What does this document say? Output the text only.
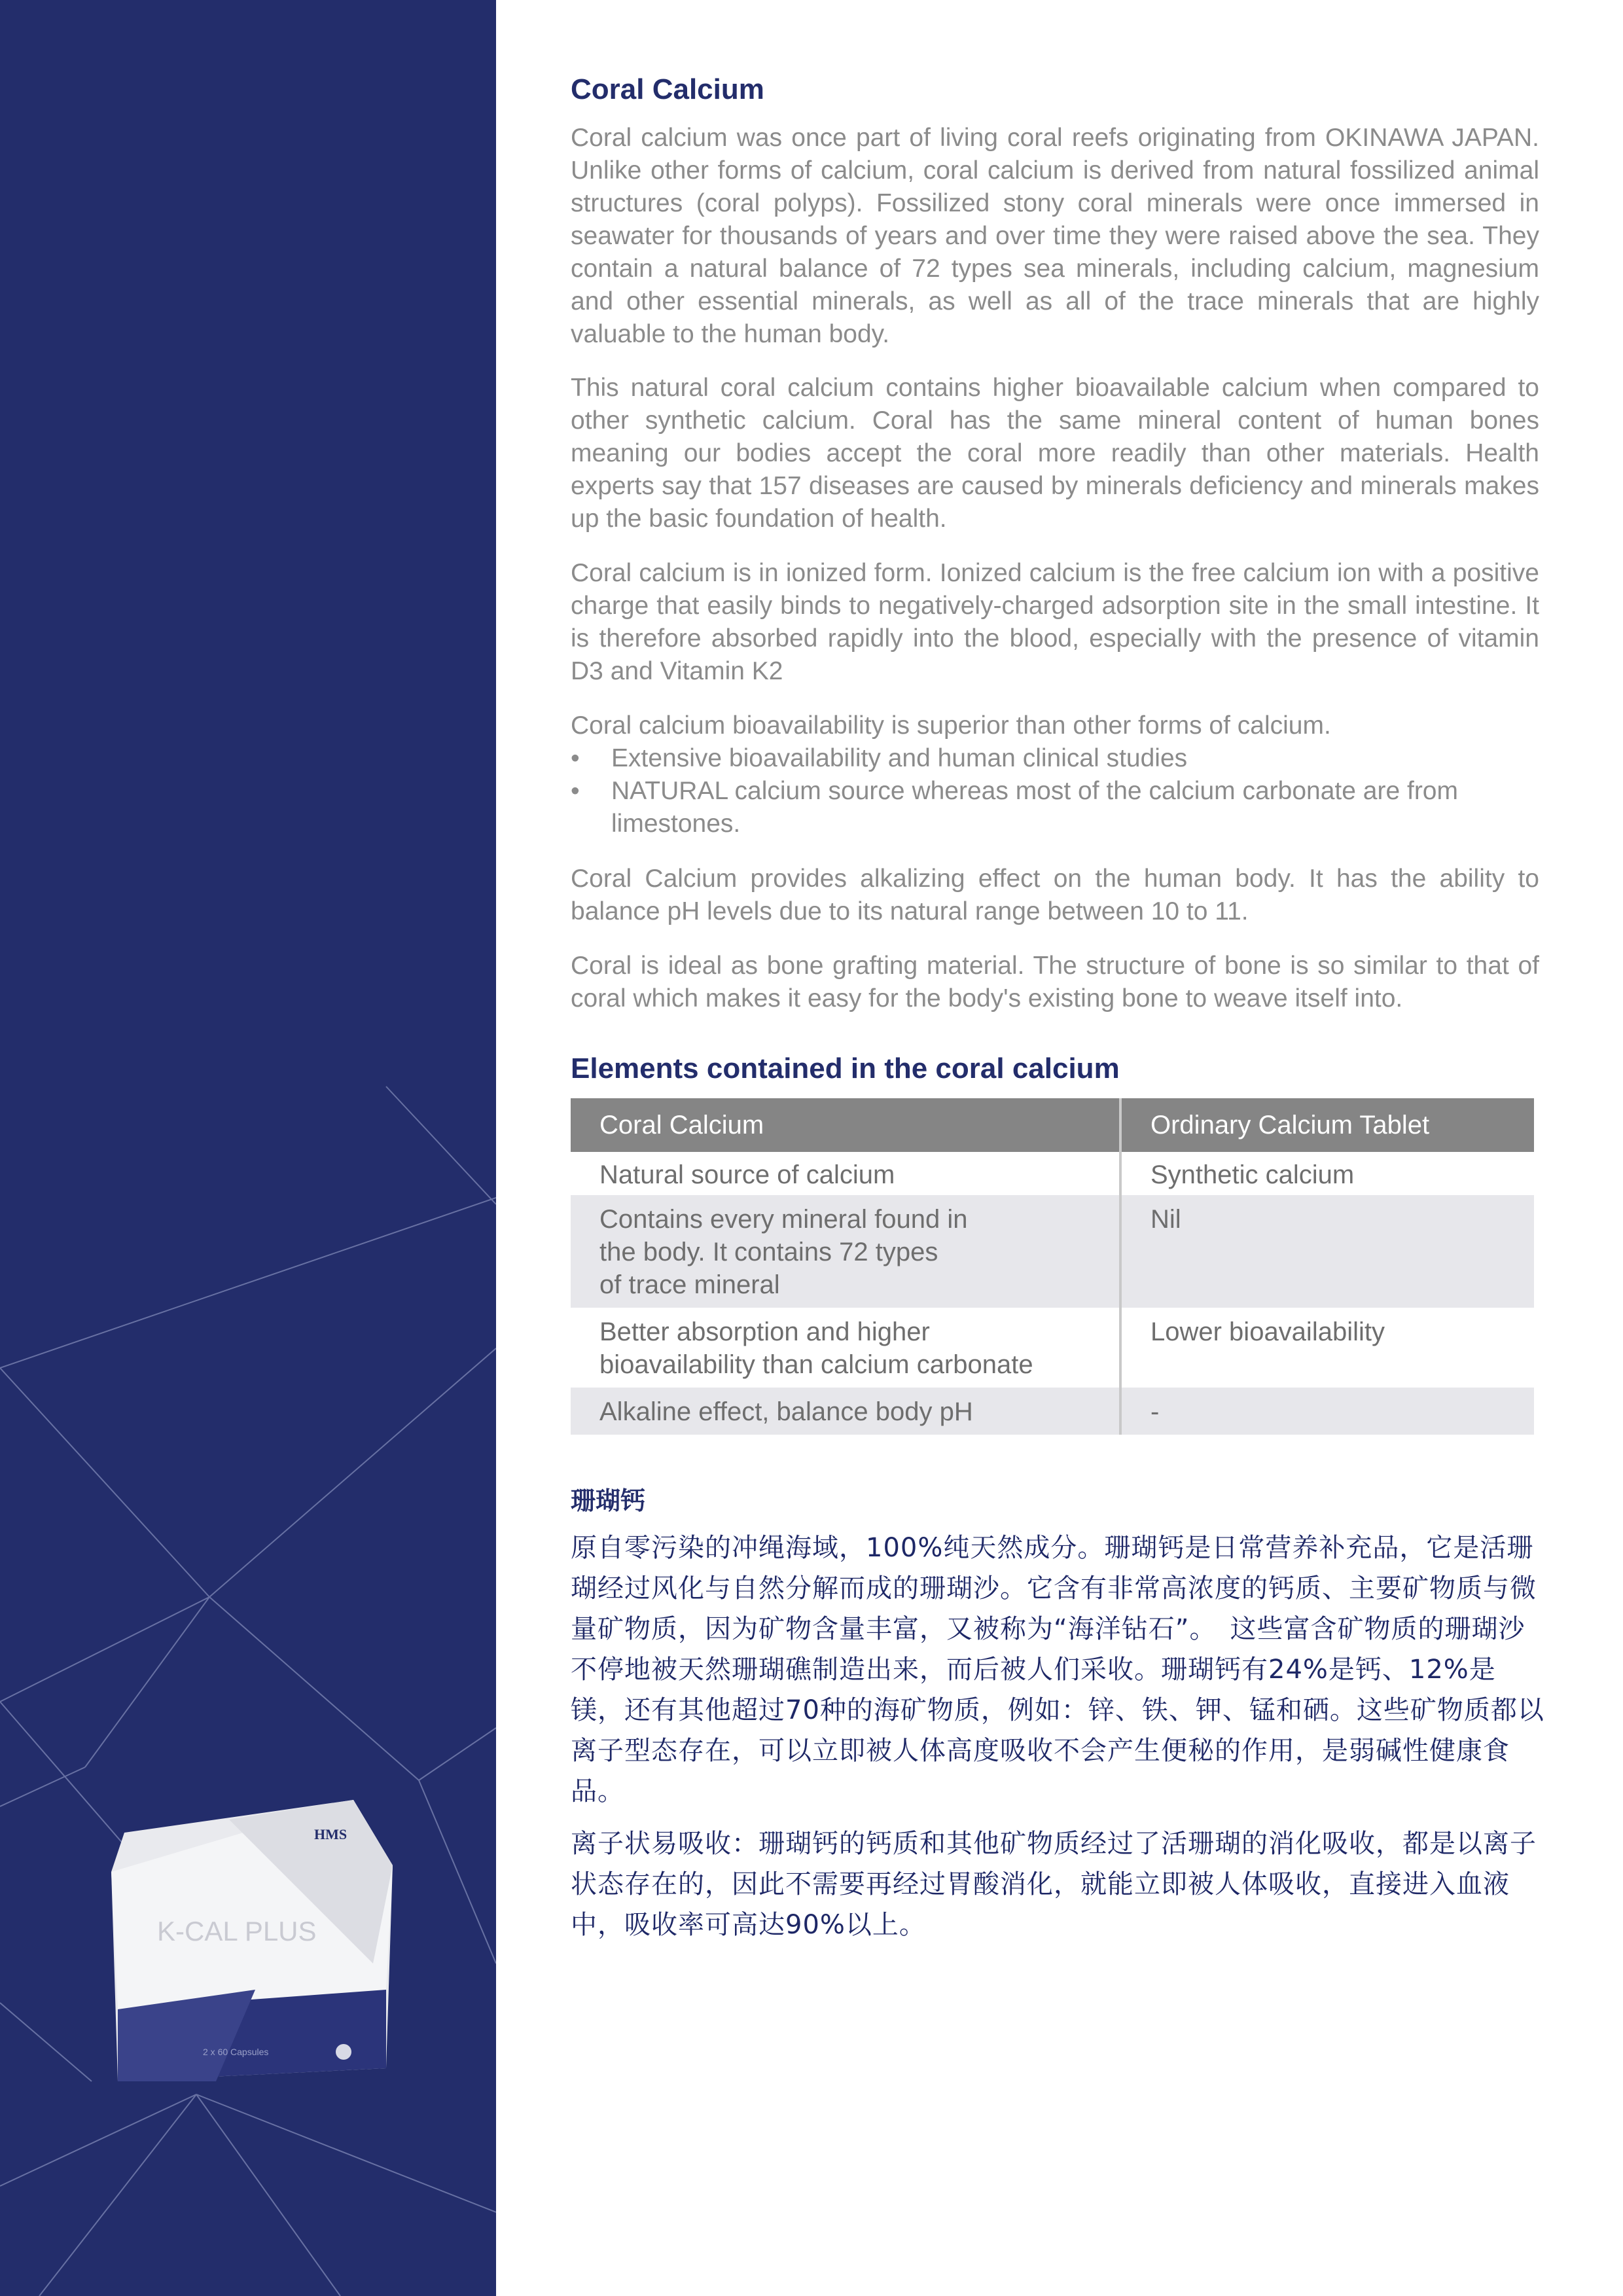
HMS
K-CAL PLUS
2 x 60 Capsules
Coral Calcium

Coral calcium was once part of living coral reefs originating from OKINAWA JAPAN. Unlike other forms of calcium, coral calcium is derived from natural fossilized animal structures (coral polyps). Fossilized stony coral minerals were once immersed in seawater for thousands of years and over time they were raised above the sea. They contain a natural balance of 72 types sea minerals, including calcium, magnesium and other essential minerals, as well as all of the trace minerals that are highly valuable to the human body.

This natural coral calcium contains higher bioavailable calcium when compared to other synthetic calcium. Coral has the same mineral content of human bones meaning our bodies accept the coral more readily than other materials. Health experts say that 157 diseases are caused by minerals deficiency and minerals makes up the basic foundation of health.

Coral calcium is in ionized form. Ionized calcium is the free calcium ion with a positive charge that easily binds to negatively-charged adsorption site in the small intestine. It is therefore absorbed rapidly into the blood, especially with the presence of vitamin D3 and Vitamin K2

Coral calcium bioavailability is superior than other forms of calcium.

• Extensive bioavailability and human clinical studies
• NATURAL calcium source whereas most of the calcium carbonate are from limestones.

Coral Calcium provides alkalizing effect on the human body. It has the ability to balance pH levels due to its natural range between 10 to 11.

Coral is ideal as bone grafting material. The structure of bone is so similar to that of coral which makes it easy for the body's existing bone to weave itself into.

Elements contained in the coral calcium
Coral Calcium	Ordinary Calcium Tablet
Natural source of calcium	Synthetic calcium
Contains every mineral found in
the body. It contains 72 types
of trace mineral	Nil
Better absorption and higher
bioavailability than calcium carbonate	Lower bioavailability
Alkaline effect, balance body pH	-
珊瑚钙

原自零污染的冲绳海域，100%纯天然成分。珊瑚钙是日常营养补充品，它是活珊瑚经过风化与自然分解而成的珊瑚沙。它含有非常高浓度的钙质、主要矿物质与微量矿物质，因为矿物含量丰富，又被称为“海洋钻石”。　这些富含矿物质的珊瑚沙不停地被天然珊瑚礁制造出来，而后被人们采收。珊瑚钙有24%是钙、12%是镁，还有其他超过70种的海矿物质，例如：锌、铁、钾、锰和硒。这些矿物质都以离子型态存在，可以立即被人体高度吸收不会产生便秘的作用，是弱碱性健康食品。

离子状易吸收：珊瑚钙的钙质和其他矿物质经过了活珊瑚的消化吸收，都是以离子状态存在的，因此不需要再经过胃酸消化，就能立即被人体吸收，直接进入血液中，吸收率可高达90%以上。
